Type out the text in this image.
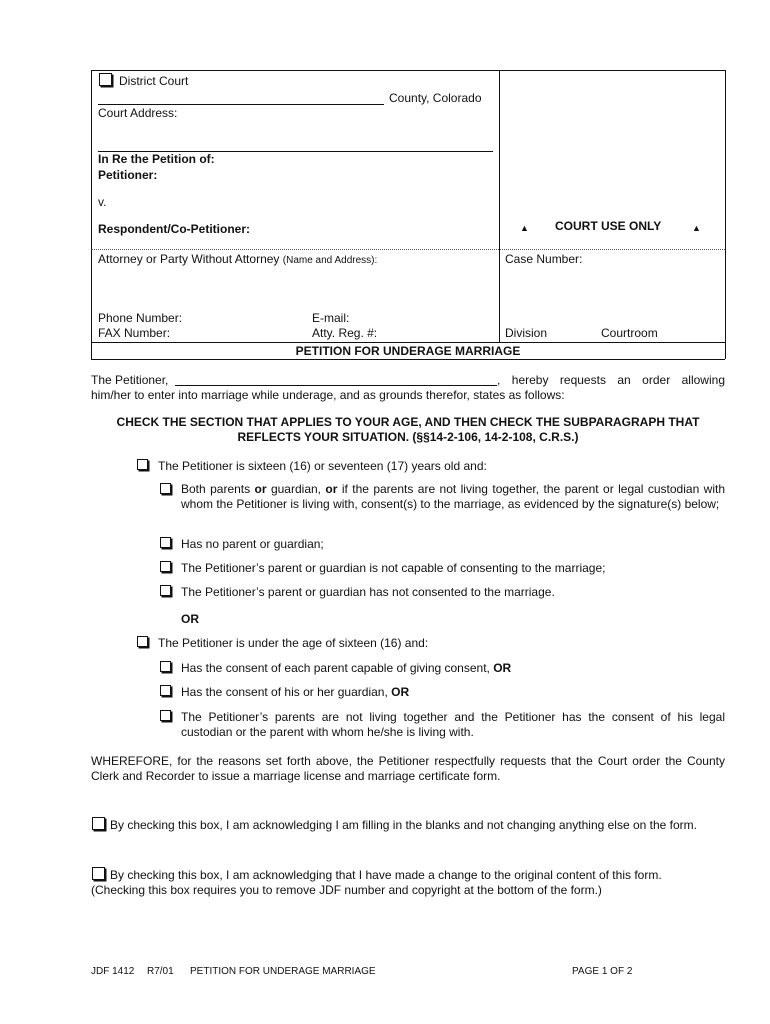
District Court
County, Colorado
Court Address:
In Re the Petition of:
Petitioner:
v.
Respondent/Co-Petitioner:	▲ COURT USE ONLY	▲
Attorney or Party Without Attorney (Name and Address):	Case Number:
Phone Number:	E-mail:
FAX Number:	Atty. Reg. #:	Division	Courtroom
PETITION FOR UNDERAGE MARRIAGE
The Petitioner,	, hereby requests an order allowing
him/her to enter into marriage while underage, and as grounds therefor, states as follows:
CHECK THE SECTION THAT APPLIES TO YOUR AGE, AND THEN CHECK THE SUBPARAGRAPH THAT
REFLECTS YOUR SITUATION. (§§14-2-106, 14-2-108, C.R.S.)
The Petitioner is sixteen (16) or seventeen (17) years old and:
Both parents or guardian, or if the parents are not living together, the parent or legal custodian with whom the Petitioner is living with, consent(s) to the marriage, as evidenced by the signature(s) below;
Has no parent or guardian;
The Petitioner’s parent or guardian is not capable of consenting to the marriage;
The Petitioner’s parent or guardian has not consented to the marriage.
OR
The Petitioner is under the age of sixteen (16) and:
Has the consent of each parent capable of giving consent, OR
Has the consent of his or her guardian, OR
The Petitioner’s parents are not living together and the Petitioner has the consent of his legal custodian or the parent with whom he/she is living with.
WHEREFORE, for the reasons set forth above, the Petitioner respectfully requests that the Court order the County Clerk and Recorder to issue a marriage license and marriage certificate form.
By checking this box, I am acknowledging I am filling in the blanks and not changing anything else on the form.
By checking this box, I am acknowledging that I have made a change to the original content of this form.
(Checking this box requires you to remove JDF number and copyright at the bottom of the form.)
JDF 1412 R7/01 PETITION FOR UNDERAGE MARRIAGE	PAGE 1 OF 2
